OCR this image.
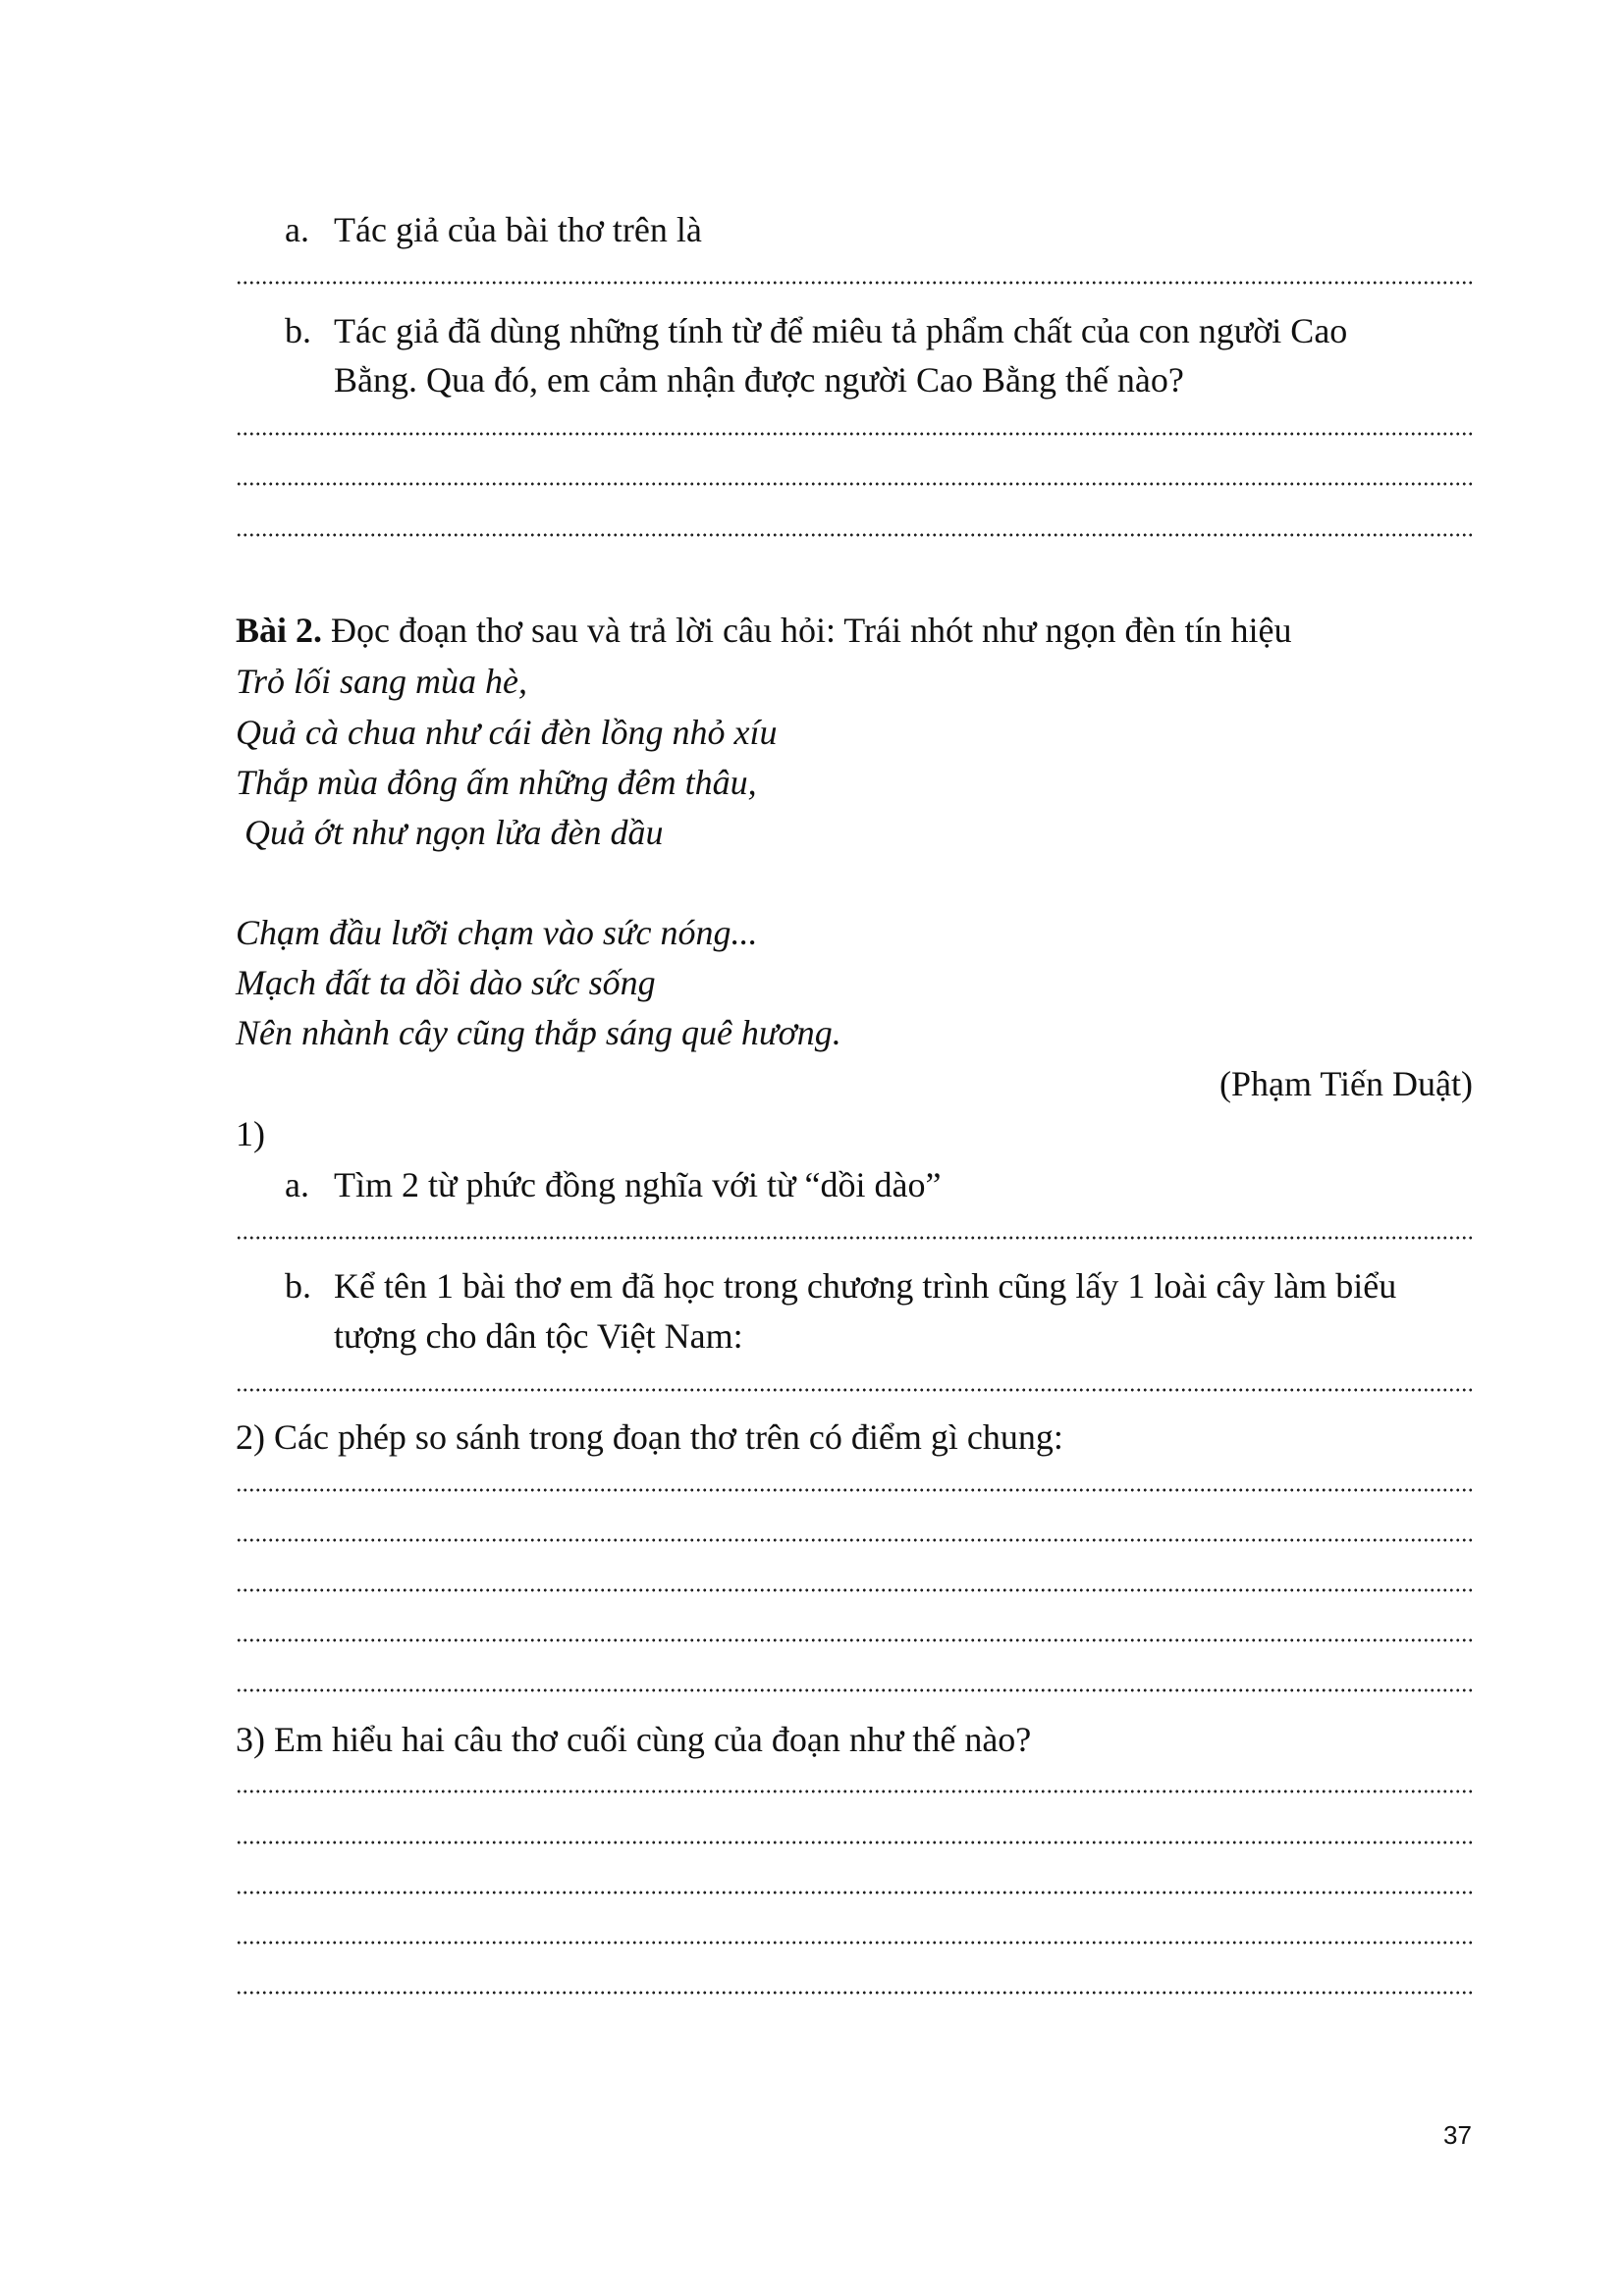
a. Tác giả của bài thơ trên là
b. Tác giả đã dùng những tính từ để miêu tả phẩm chất của con người Cao
Bằng. Qua đó, em cảm nhận được người Cao Bằng thế nào?
Bài 2. Đọc đoạn thơ sau và trả lời câu hỏi: Trái nhót như ngọn đèn tín hiệu
Trỏ lối sang mùa hè,
Quả cà chua như cái đèn lồng nhỏ xíu
Thắp mùa đông ấm những đêm thâu,
Quả ớt như ngọn lửa đèn dầu
Chạm đầu lưỡi chạm vào sức nóng...
Mạch đất ta dồi dào sức sống
Nên nhành cây cũng thắp sáng quê hương.
(Phạm Tiến Duật)
1)
a. Tìm 2 từ phức đồng nghĩa với từ “dồi dào”
b. Kể tên 1 bài thơ em đã học trong chương trình cũng lấy 1 loài cây làm biểu
tượng cho dân tộc Việt Nam:
2) Các phép so sánh trong đoạn thơ trên có điểm gì chung:
3) Em hiểu hai câu thơ cuối cùng của đoạn như thế nào?
37
